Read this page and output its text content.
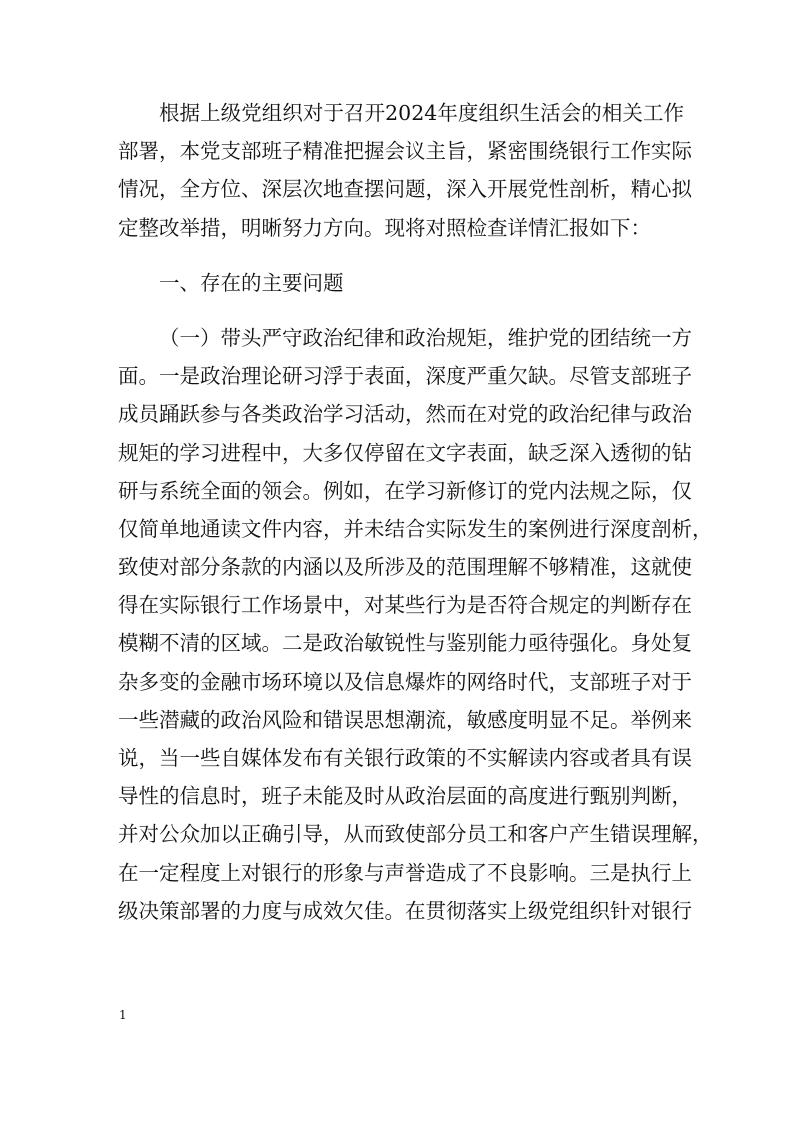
根据上级党组织对于召开2024年度组织生活会的相关工作
部署，本党支部班子精准把握会议主旨，紧密围绕银行工作实际
情况，全方位、深层次地查摆问题，深入开展党性剖析，精心拟
定整改举措，明晰努力方向。现将对照检查详情汇报如下：
一、存在的主要问题
（一）带头严守政治纪律和政治规矩，维护党的团结统一方
面。一是政治理论研习浮于表面，深度严重欠缺。尽管支部班子
成员踊跃参与各类政治学习活动，然而在对党的政治纪律与政治
规矩的学习进程中，大多仅停留在文字表面，缺乏深入透彻的钻
研与系统全面的领会。例如，在学习新修订的党内法规之际，仅
仅简单地通读文件内容，并未结合实际发生的案例进行深度剖析，
致使对部分条款的内涵以及所涉及的范围理解不够精准，这就使
得在实际银行工作场景中，对某些行为是否符合规定的判断存在
模糊不清的区域。二是政治敏锐性与鉴别能力亟待强化。身处复
杂多变的金融市场环境以及信息爆炸的网络时代，支部班子对于
一些潜藏的政治风险和错误思想潮流，敏感度明显不足。举例来
说，当一些自媒体发布有关银行政策的不实解读内容或者具有误
导性的信息时，班子未能及时从政治层面的高度进行甄别判断，
并对公众加以正确引导，从而致使部分员工和客户产生错误理解，
在一定程度上对银行的形象与声誉造成了不良影响。三是执行上
级决策部署的力度与成效欠佳。在贯彻落实上级党组织针对银行
1
